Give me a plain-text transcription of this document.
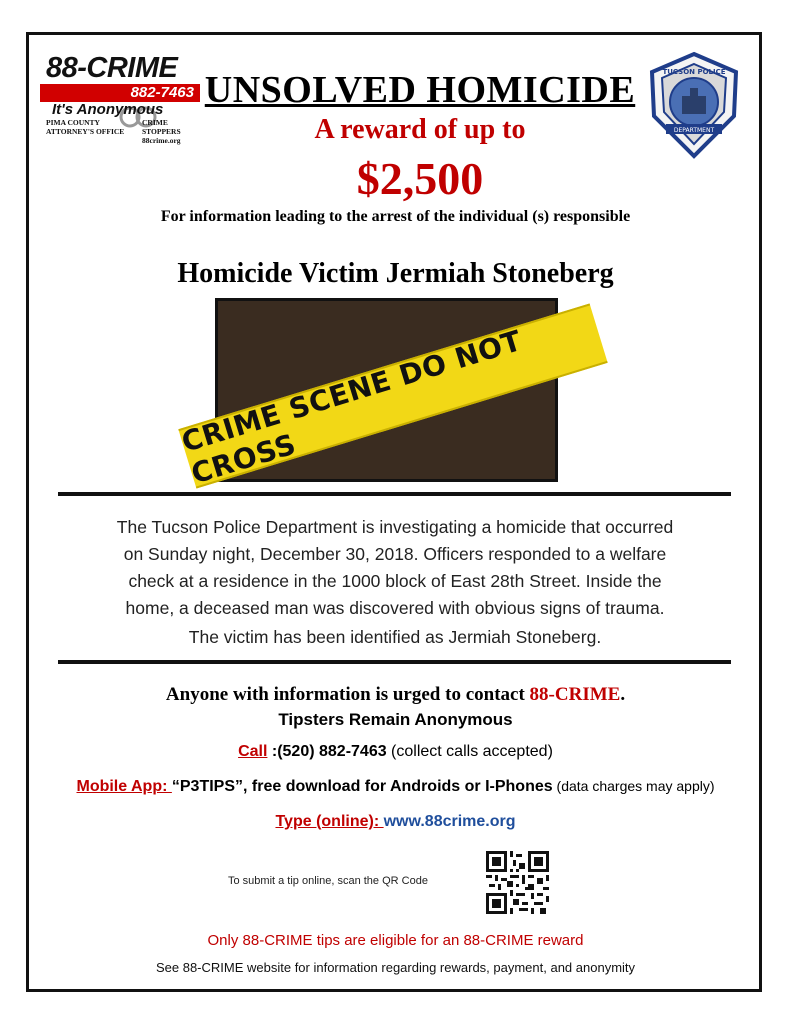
88-CRIME
882-7463
It's Anonymous
PIMA COUNTY
ATTORNEY'S OFFICE
CRIME STOPPERS
88crime.org
DEPARTMENT
TUCSON POLICE
UNSOLVED HOMICIDE
A reward of up to
$2,500
For information leading to the arrest of the individual (s) responsible
Homicide Victim Jermiah Stoneberg
CRIME SCENE DO NOT CROSS
The Tucson Police Department is investigating a homicide that occurred
on Sunday night, December 30, 2018. Officers responded to a welfare
check at a residence in the 1000 block of East 28th Street. Inside the
home, a deceased man was discovered with obvious signs of trauma.
The victim has been identified as Jermiah Stoneberg.
Anyone with information is urged to contact 88-CRIME.
Tipsters Remain Anonymous
Call :(520) 882-7463 (collect calls accepted)
Mobile App: “P3TIPS”, free download for Androids or I-Phones (data charges may apply)
Type (online): www.88crime.org
To submit a tip online, scan the QR Code
Only 88-CRIME tips are eligible for an 88-CRIME reward
See 88-CRIME website for information regarding rewards, payment, and anonymity
